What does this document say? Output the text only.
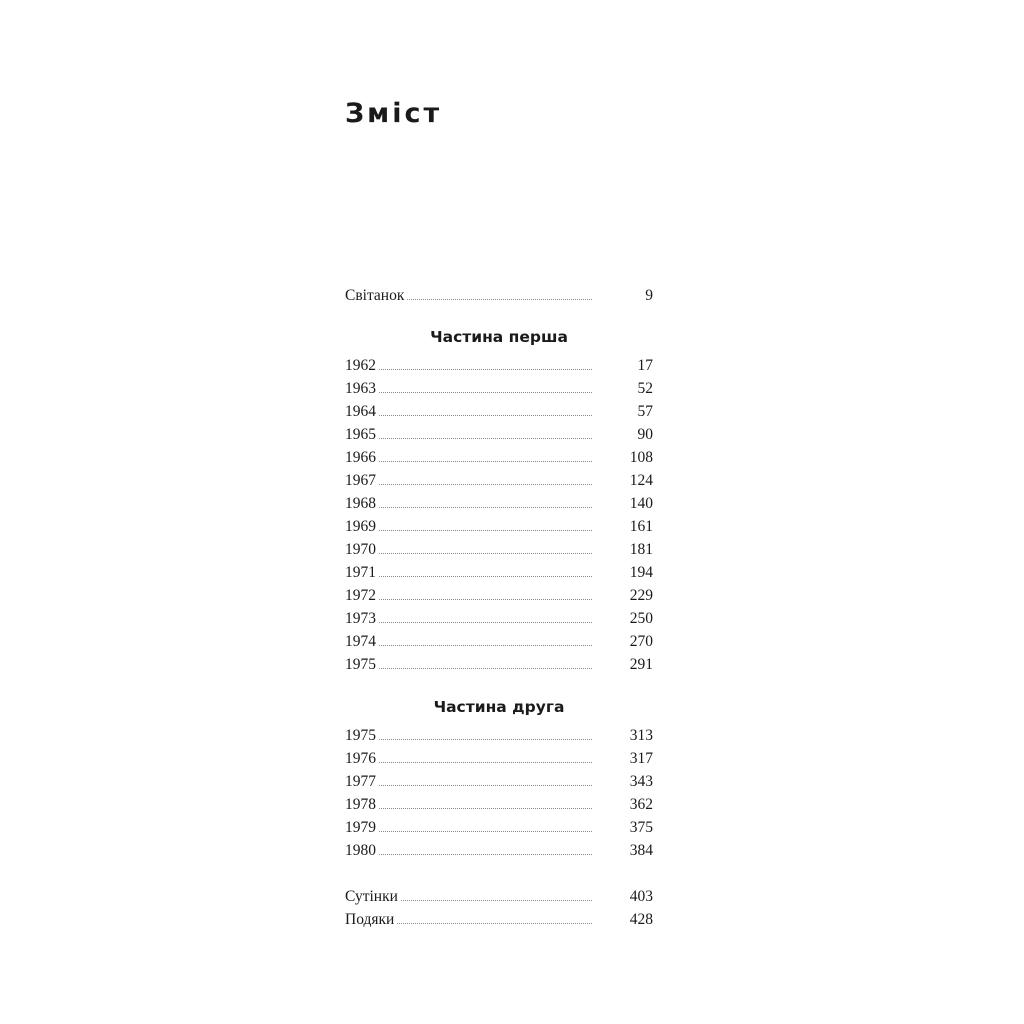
Зміст
Світанок	9
Частина перша
1962	17
1963	52
1964	57
1965	90
1966	108
1967	124
1968	140
1969	161
1970	181
1971	194
1972	229
1973	250
1974	270
1975	291
Частина друга
1975	313
1976	317
1977	343
1978	362
1979	375
1980	384
Сутінки	403
Подяки	428
